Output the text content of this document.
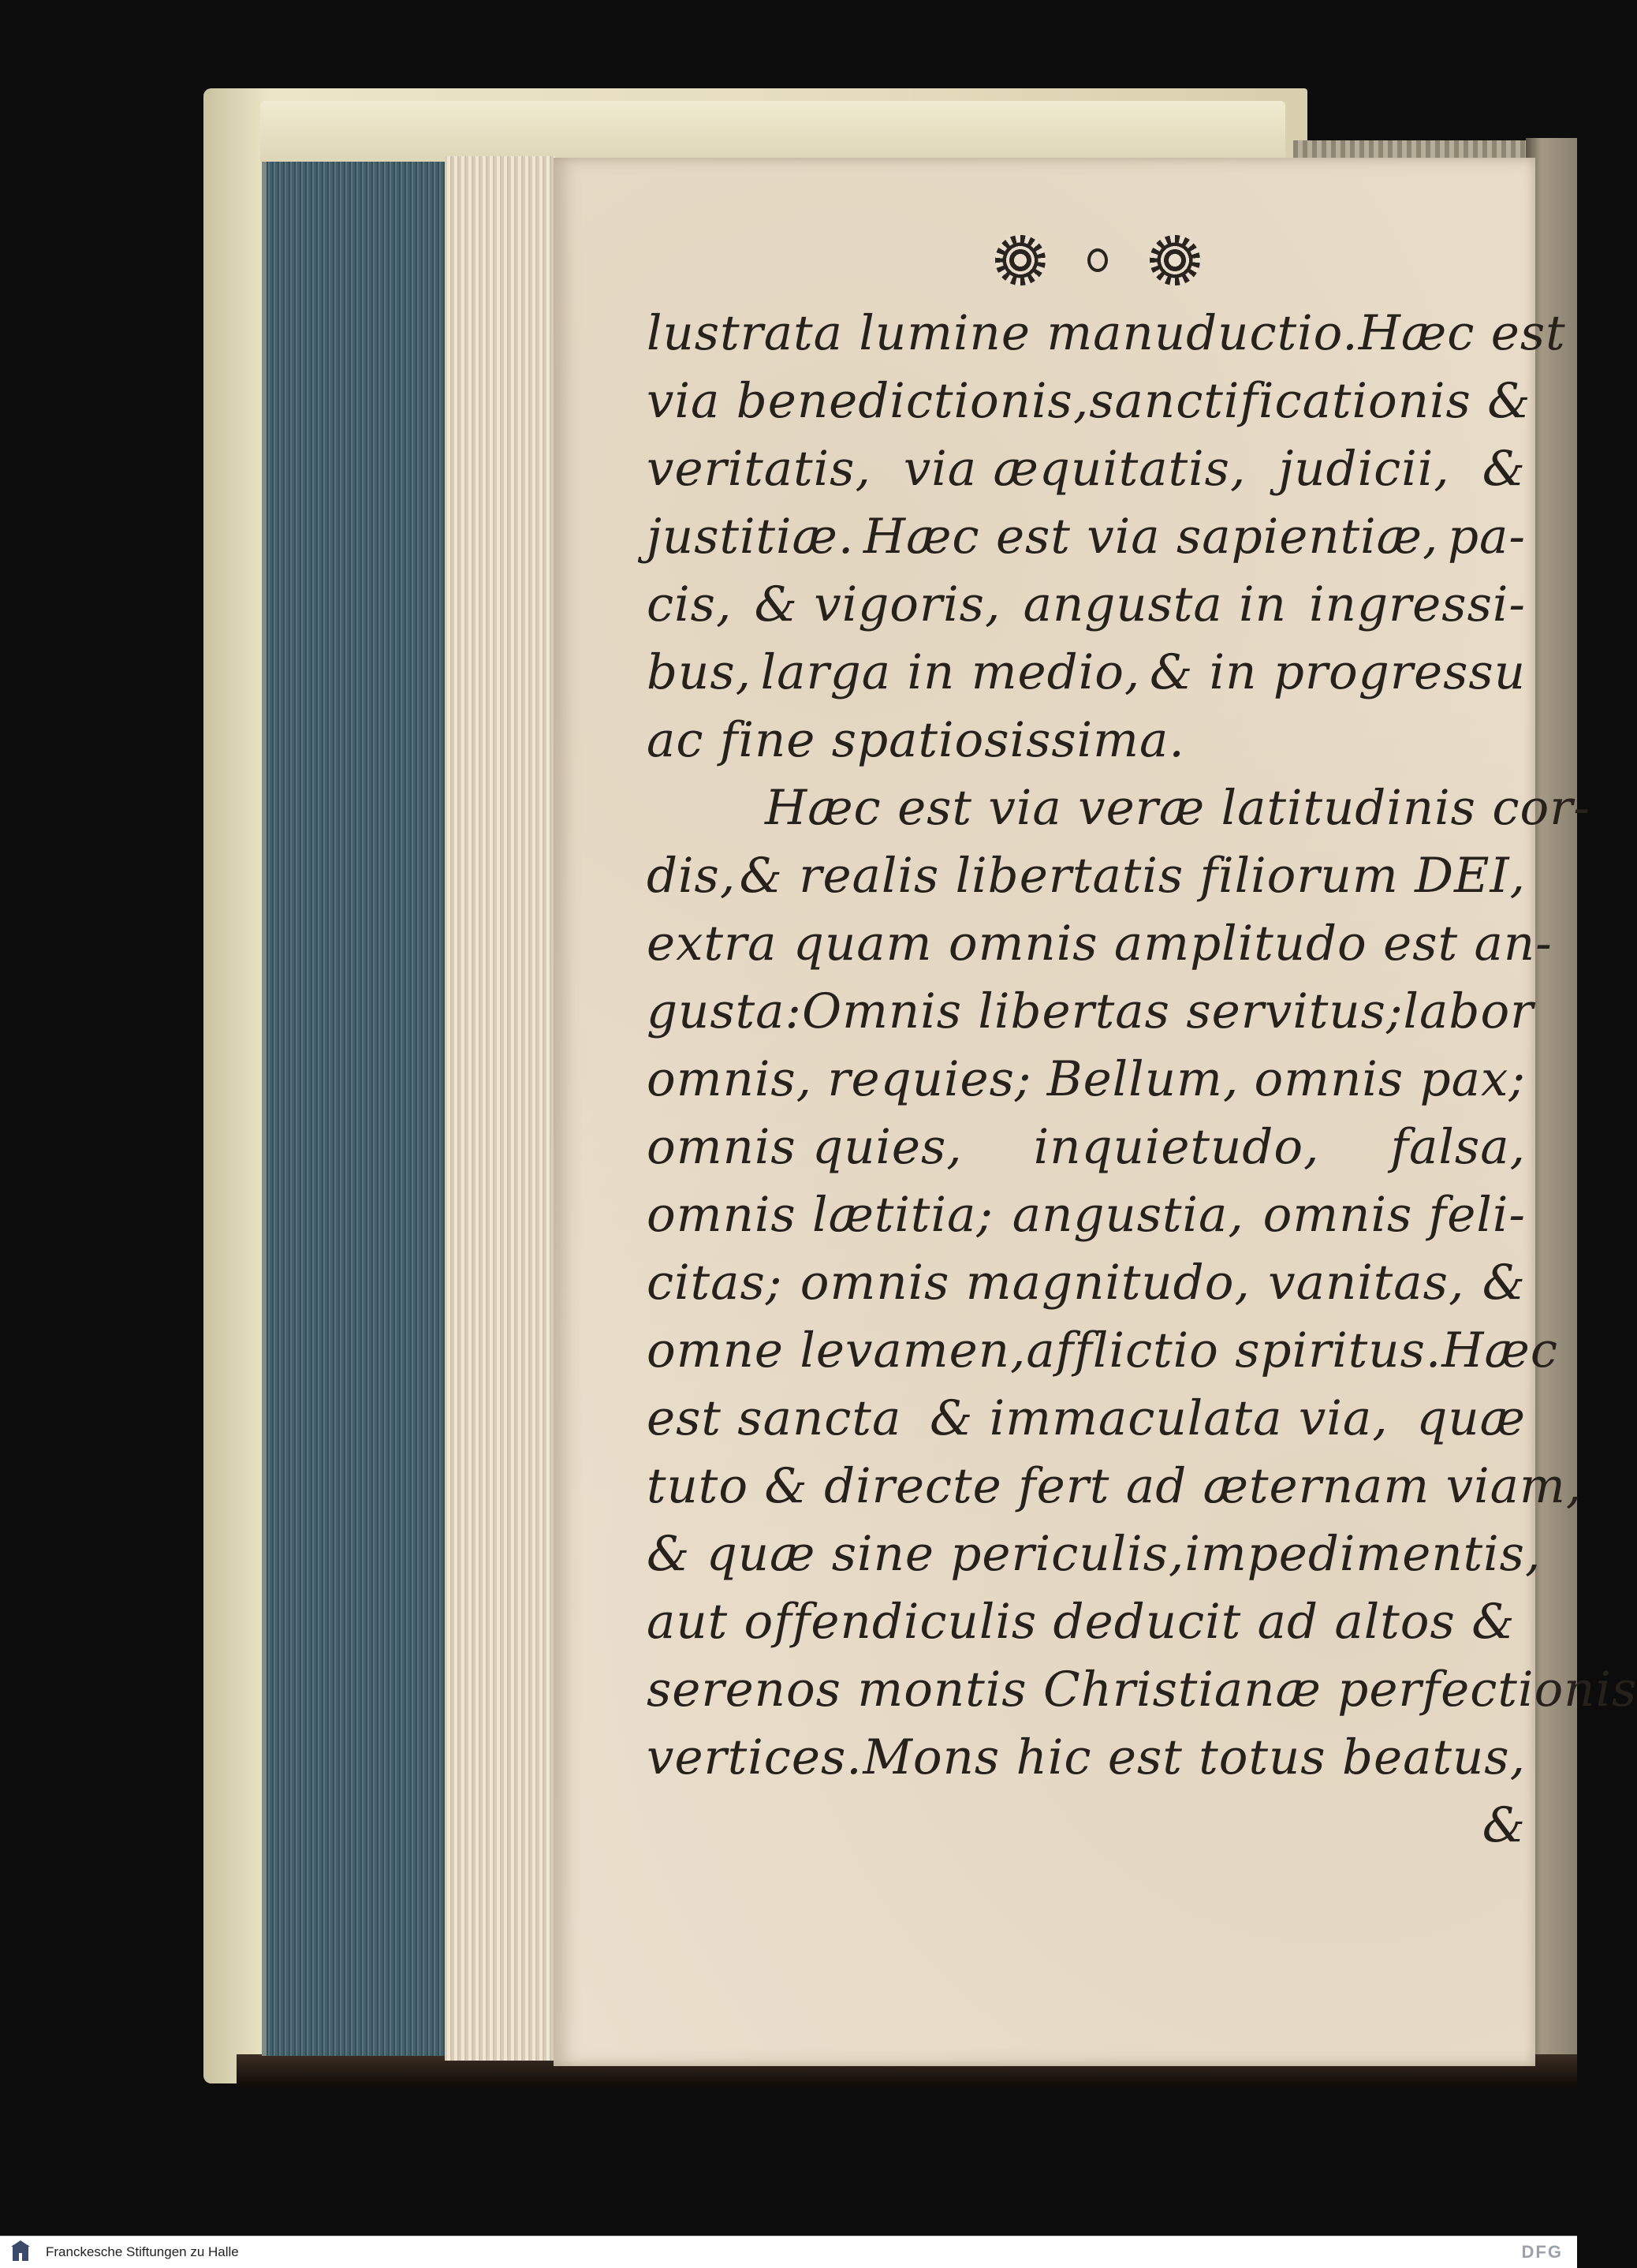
lustrata lumine manuductio. Hæc est
via benedictionis, sanctificationis &
veritatis, via æquitatis, judicii, &
justitiæ. Hæc est via sapientiæ, pa-
cis, & vigoris, angusta in ingressi-
bus, larga in medio, & in progressu
ac fine spatiosissima.
Hæc est via veræ latitudinis cor-
dis, & realis libertatis filiorum DEI,
extra quam omnis amplitudo est an-
gusta: Omnis libertas servitus; labor
omnis, requies; Bellum, omnis pax;
omnis quies, inquietudo, falsa,
omnis lætitia; angustia, omnis feli-
citas; omnis magnitudo, vanitas, &
omne levamen, afflictio spiritus. Hæc
est sancta & immaculata via, quæ
tuto & directe fert ad æternam viam,
& quæ sine periculis, impedimentis,
aut offendiculis deducit ad altos &
serenos montis Christianæ perfectionis
vertices. Mons hic est totus beatus,
&
Franckesche Stiftungen zu Halle	DFG
